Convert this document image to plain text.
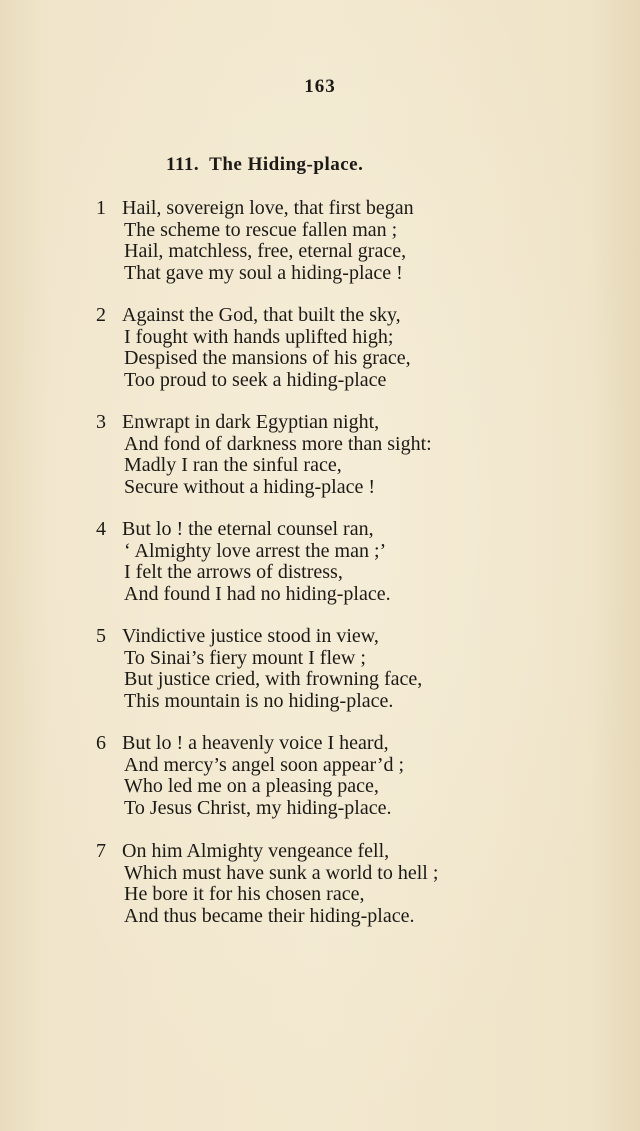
163
111. The Hiding-place.
1 Hail, sovereign love, that first began
The scheme to rescue fallen man ;
Hail, matchless, free, eternal grace,
That gave my soul a hiding-place !
2 Against the God, that built the sky,
I fought with hands uplifted high;
Despised the mansions of his grace,
Too proud to seek a hiding-place
3 Enwrapt in dark Egyptian night,
And fond of darkness more than sight:
Madly I ran the sinful race,
Secure without a hiding-place !
4 But lo ! the eternal counsel ran,
‘ Almighty love arrest the man ;’
I felt the arrows of distress,
And found I had no hiding-place.
5 Vindictive justice stood in view,
To Sinai’s fiery mount I flew ;
But justice cried, with frowning face,
This mountain is no hiding-place.
6 But lo ! a heavenly voice I heard,
And mercy’s angel soon appear’d ;
Who led me on a pleasing pace,
To Jesus Christ, my hiding-place.
7 On him Almighty vengeance fell,
Which must have sunk a world to hell ;
He bore it for his chosen race,
And thus became their hiding-place.
